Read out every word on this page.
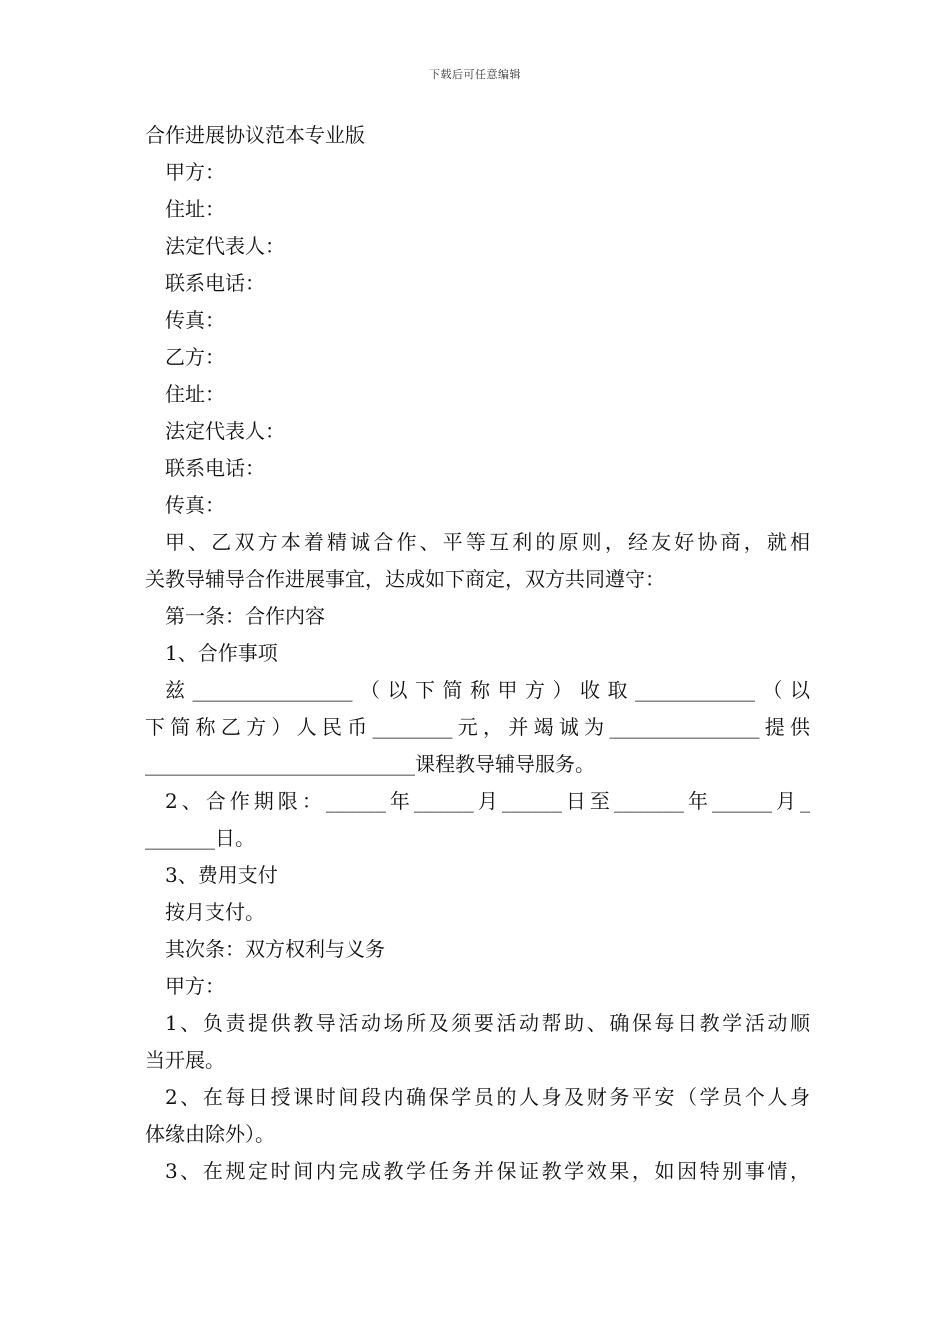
下载后可任意编辑
合作进展协议范本专业版
甲方：
住址：
法定代表人：
联系电话：
传真：
乙方：
住址：
法定代表人：
联系电话：
传真：
甲、乙双方本着精诚合作、平等互利的原则，经友好协商，就相
关教导辅导合作进展事宜，达成如下商定，双方共同遵守：
第一条：合作内容
1、合作事项
兹________________（以下简称甲方）收取____________（以
下简称乙方）人民币________元，并竭诚为_______________提供
___________________________课程教导辅导服务。
2、合作期限：______年______月______日至_______年______月_
_______日。
3、费用支付
按月支付。
其次条：双方权利与义务
甲方：
1、负责提供教导活动场所及须要活动帮助、确保每日教学活动顺
当开展。
2、在每日授课时间段内确保学员的人身及财务平安（学员个人身
体缘由除外）。
3、在规定时间内完成教学任务并保证教学效果，如因特别事情，
